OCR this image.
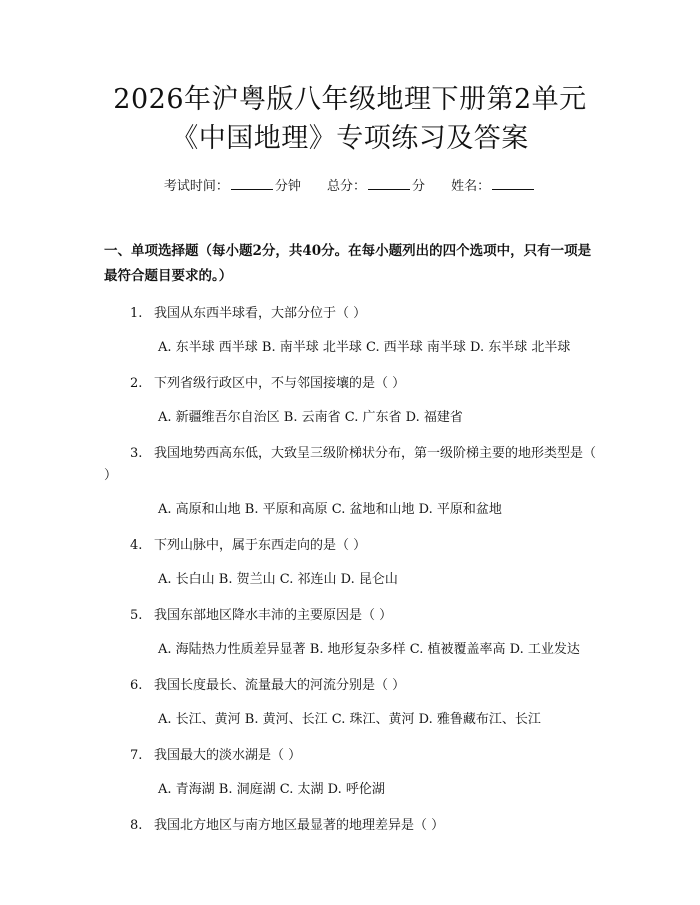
2026年沪粤版八年级地理下册第2单元《中国地理》专项练习及答案
考试时间：	分钟 总分：	分 姓名：
一、单项选择题（每小题2分，共40分。在每小题列出的四个选项中，只有一项是最符合题目要求的。）
1. 我国从东西半球看，大部分位于（ ）
A. 东半球 西半球 B. 南半球 北半球 C. 西半球 南半球 D. 东半球 北半球
2. 下列省级行政区中，不与邻国接壤的是（ ）
A. 新疆维吾尔自治区 B. 云南省 C. 广东省 D. 福建省
3. 我国地势西高东低，大致呈三级阶梯状分布，第一级阶梯主要的地形类型是（ ）
A. 高原和山地 B. 平原和高原 C. 盆地和山地 D. 平原和盆地
4. 下列山脉中，属于东西走向的是（ ）
A. 长白山 B. 贺兰山 C. 祁连山 D. 昆仑山
5. 我国东部地区降水丰沛的主要原因是（ ）
A. 海陆热力性质差异显著 B. 地形复杂多样 C. 植被覆盖率高 D. 工业发达
6. 我国长度最长、流量最大的河流分别是（ ）
A. 长江、黄河 B. 黄河、长江 C. 珠江、黄河 D. 雅鲁藏布江、长江
7. 我国最大的淡水湖是（ ）
A. 青海湖 B. 洞庭湖 C. 太湖 D. 呼伦湖
8. 我国北方地区与南方地区最显著的地理差异是（ ）
